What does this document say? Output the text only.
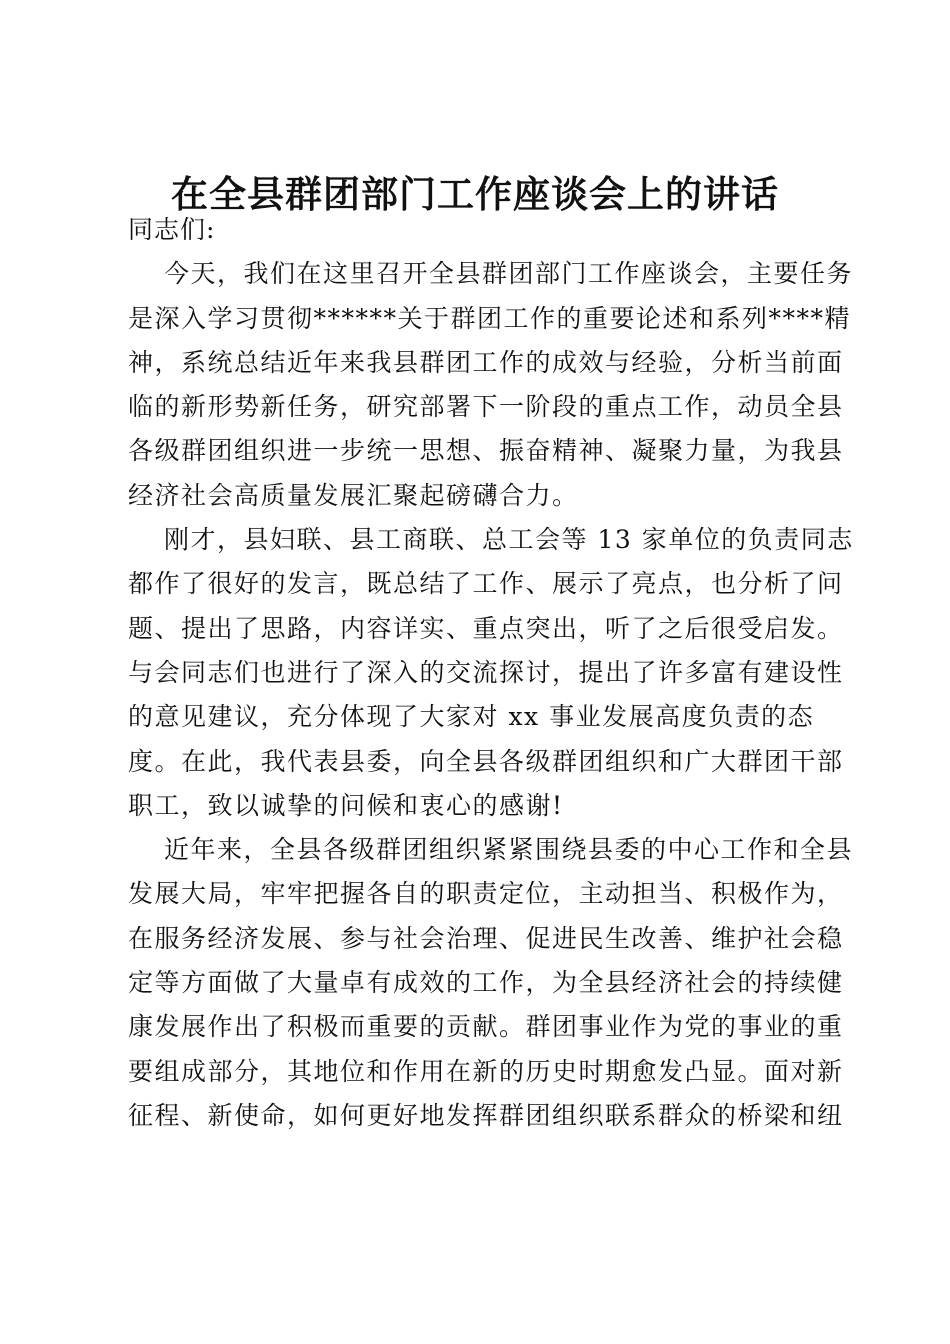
在全县群团部门工作座谈会上的讲话
同志们:
今天，我们在这里召开全县群团部门工作座谈会，主要任务
是深入学习贯彻******关于群团工作的重要论述和系列****精
神，系统总结近年来我县群团工作的成效与经验，分析当前面
临的新形势新任务，研究部署下一阶段的重点工作，动员全县
各级群团组织进一步统一思想、振奋精神、凝聚力量，为我县
经济社会高质量发展汇聚起磅礴合力。
刚才，县妇联、县工商联、总工会等 13 家单位的负责同志
都作了很好的发言，既总结了工作、展示了亮点，也分析了问
题、提出了思路，内容详实、重点突出，听了之后很受启发。
与会同志们也进行了深入的交流探讨，提出了许多富有建设性
的意见建议，充分体现了大家对 xx 事业发展高度负责的态
度。在此，我代表县委，向全县各级群团组织和广大群团干部
职工，致以诚挚的问候和衷心的感谢!
近年来，全县各级群团组织紧紧围绕县委的中心工作和全县
发展大局，牢牢把握各自的职责定位，主动担当、积极作为，
在服务经济发展、参与社会治理、促进民生改善、维护社会稳
定等方面做了大量卓有成效的工作，为全县经济社会的持续健
康发展作出了积极而重要的贡献。群团事业作为党的事业的重
要组成部分，其地位和作用在新的历史时期愈发凸显。面对新
征程、新使命，如何更好地发挥群团组织联系群众的桥梁和纽
